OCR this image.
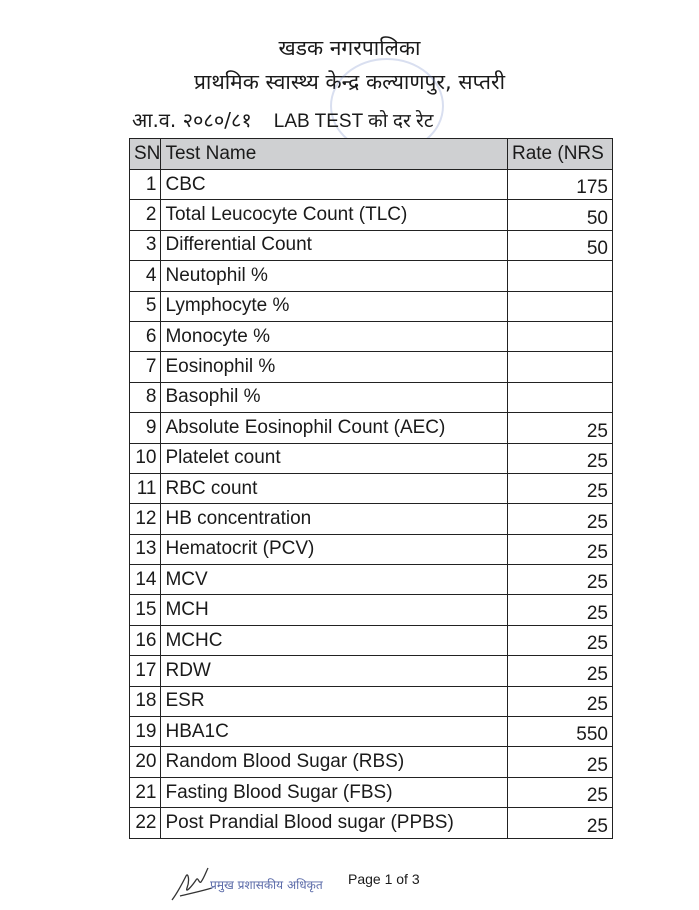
खडक नगरपालिका
प्राथमिक स्वास्थ्य केन्द्र कल्याणपुर, सप्तरी
आ.व. २०८०/८१ LAB TEST को दर रेट
SN	Test Name	Rate (NRS
1	CBC	175
2	Total Leucocyte Count (TLC)	50
3	Differential Count	50
4	Neutophil %	
5	Lymphocyte %	
6	Monocyte %	
7	Eosinophil %	
8	Basophil %	
9	Absolute Eosinophil Count (AEC)	25
10	Platelet count	25
11	RBC count	25
12	HB concentration	25
13	Hematocrit (PCV)	25
14	MCV	25
15	MCH	25
16	MCHC	25
17	RDW	25
18	ESR	25
19	HBA1C	550
20	Random Blood Sugar (RBS)	25
21	Fasting Blood Sugar (FBS)	25
22	Post Prandial Blood sugar (PPBS)	25
प्रमुख प्रशासकीय अधिकृत Page 1 of 3
